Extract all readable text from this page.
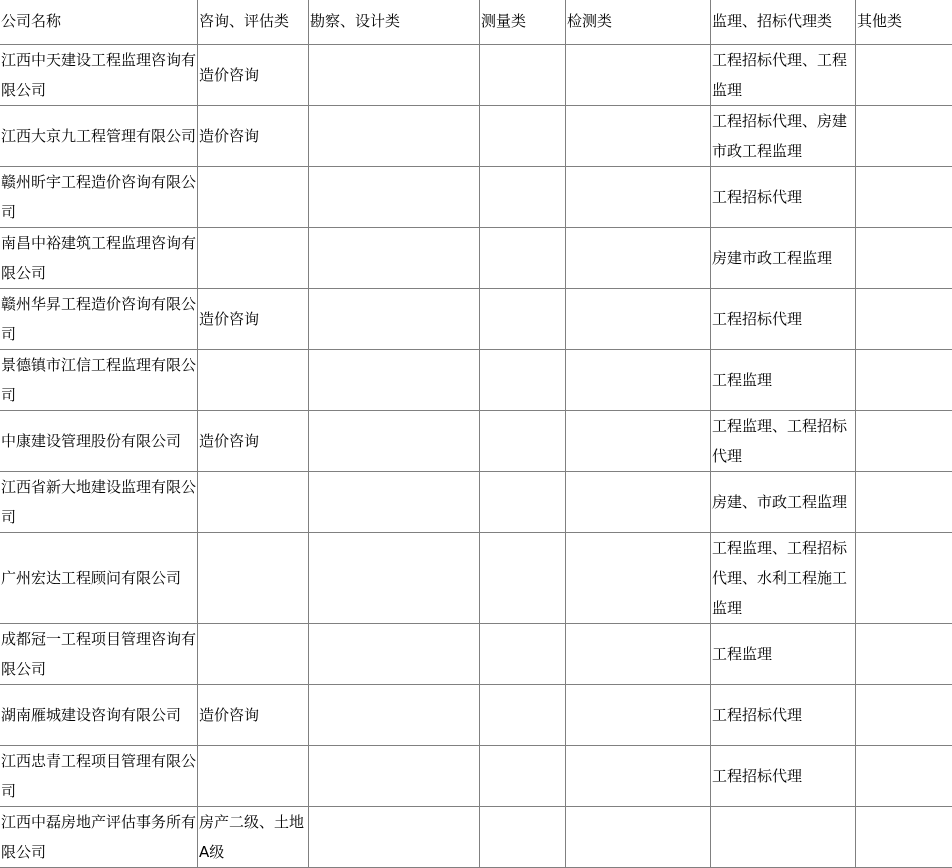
公司名称	咨询、评估类	勘察、设计类	测量类	检测类	监理、招标代理类	其他类
江西中天建设工程监理咨询有限公司	造价咨询				工程招标代理、工程监理	
江西大京九工程管理有限公司	造价咨询				工程招标代理、房建市政工程监理	
赣州昕宇工程造价咨询有限公司					工程招标代理	
南昌中裕建筑工程监理咨询有限公司					房建市政工程监理	
赣州华昇工程造价咨询有限公司	造价咨询				工程招标代理	
景德镇市江信工程监理有限公司					工程监理	
中康建设管理股份有限公司	造价咨询				工程监理、工程招标代理	
江西省新大地建设监理有限公司					房建、市政工程监理	
广州宏达工程顾问有限公司					工程监理、工程招标代理、水利工程施工监理	
成都冠一工程项目管理咨询有限公司					工程监理	
湖南雁城建设咨询有限公司	造价咨询				工程招标代理	
江西忠青工程项目管理有限公司					工程招标代理	
江西中磊房地产评估事务所有限公司	房产二级、土地A级					
